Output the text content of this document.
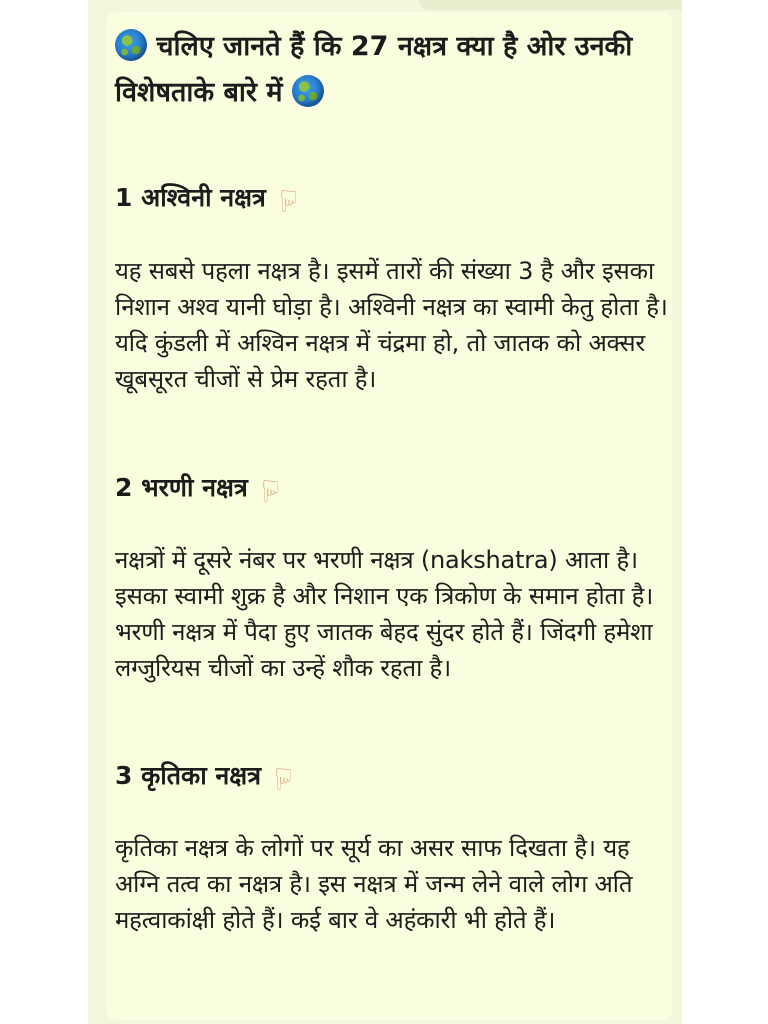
चलिए जानते हैं कि 27 नक्षत्र क्या है ओर उनकी विशेषताके बारे में

1 अश्विनी नक्षत्र ☜

यह सबसे पहला नक्षत्र है। इसमें तारों की संख्या 3 है और इसका निशान अश्व यानी घोड़ा है। अश्विनी नक्षत्र का स्वामी केतु होता है। यदि कुंडली में अश्विन नक्षत्र में चंद्रमा हो, तो जातक को अक्सर खूबसूरत चीजों से प्रेम रहता है।

2 भरणी नक्षत्र ☜

नक्षत्रों में दूसरे नंबर पर भरणी नक्षत्र (nakshatra) आता है। इसका स्वामी शुक्र है और निशान एक त्रिकोण के समान होता है। भरणी नक्षत्र में पैदा हुए जातक बेहद सुंदर होते हैं। जिंदगी हमेशा लग्जुरियस चीजों का उन्हें शौक रहता है।

3 कृतिका नक्षत्र ☜

कृतिका नक्षत्र के लोगों पर सूर्य का असर साफ दिखता है। यह अग्नि तत्व का नक्षत्र है। इस नक्षत्र में जन्म लेने वाले लोग अति महत्वाकांक्षी होते हैं। कई बार वे अहंकारी भी होते हैं।
